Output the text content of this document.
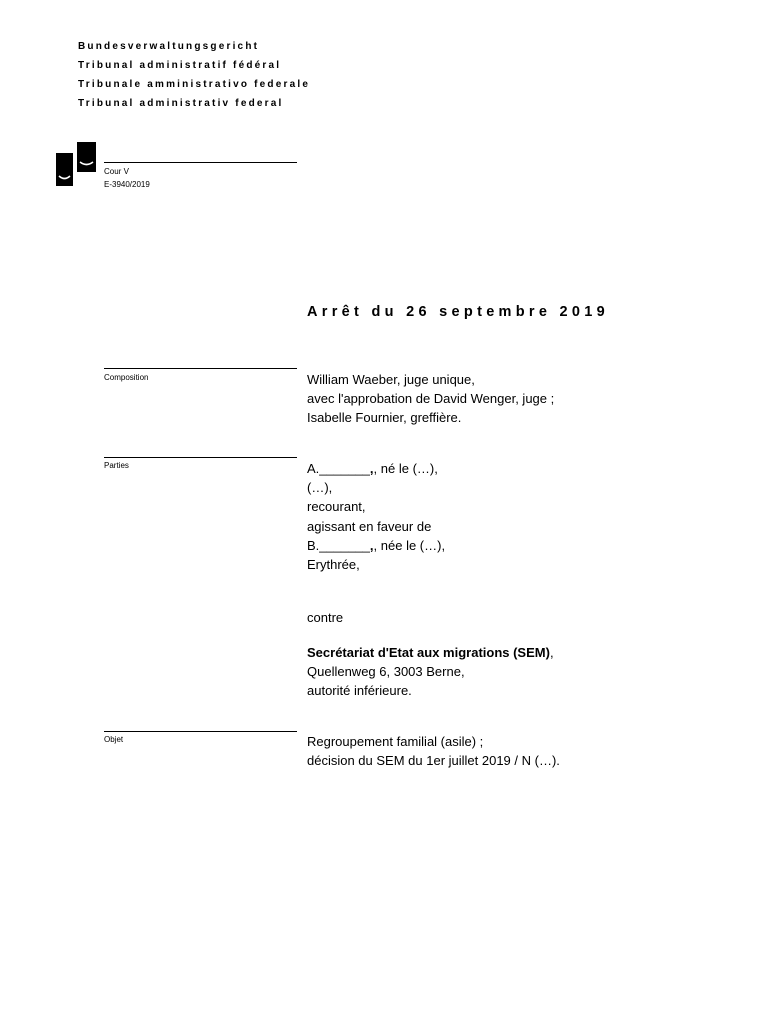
Bundesverwaltungsgericht
Tribunal administratif fédéral
Tribunale amministrativo federale
Tribunal administrativ federal
Cour V
E-3940/2019
Arrêt du 26 septembre 2019
Composition	William Waeber, juge unique,
avec l'approbation de David Wenger, juge ;
Isabelle Fournier, greffière.
Parties	A._______,, né le (…),
(…),
recourant,
agissant en faveur de
B._______,, née le (…),
Erythrée,
contre
Secrétariat d'Etat aux migrations (SEM),
Quellenweg 6, 3003 Berne,
autorité inférieure.
Objet	Regroupement familial (asile) ;
décision du SEM du 1er juillet 2019 / N (…).
